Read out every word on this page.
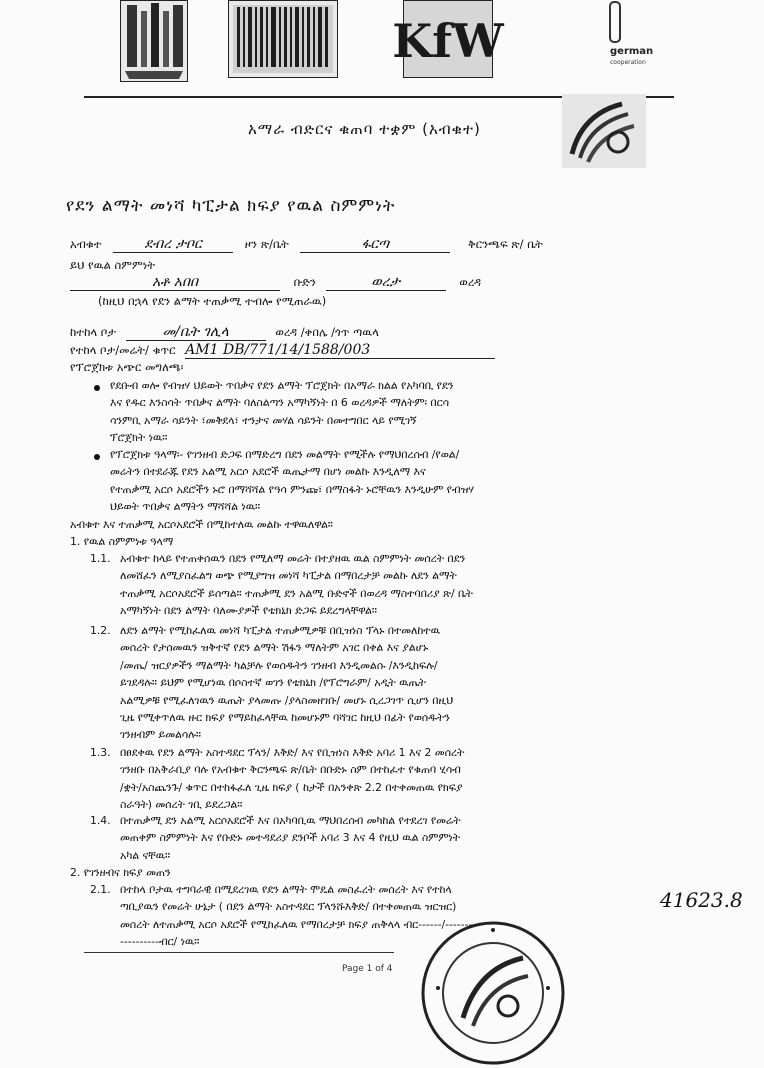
KfW	german
cooperation
አማራ ብድርና ቁጠባ ተቋም (አብቁተ)
የደን ልማት መነሻ ካፒታል ክፍያ የዉል ስምምነት
አብቁተ	ደብረ ታቦር	ዞን ጽ/ቤት	ፋርጣ	ቅርንጫፍ ጽ/ ቤት
ይህ የዉል ስምምነት
አቶ አበበ	ቡድን	ወረታ	ወረዳ
(ከዚህ በኋላ የደን ልማት ተጠቃሚ ተብሎ የሚጠራዉ)
ከተከላ ቦታ	መ/ቤት ገሊላ	ወረዳ /ቀበሌ /ጎጥ ጣዉላ
የተከላ ቦታ/መሬት/ ቁጥር AM1 DB/771/14/1588/003
የፕሮጀክቱ አጭር መግለጫ፡
የደቡብ ወሎ የብዝሃ ህይወት ጥበቃና የደን ልማት ፕሮጀክት በአማራ ክልል የአካባቢ የደን
እና የዱር እንስሳት ጥበቃና ልማት ባለስልጣን አማካኝነት በ 6 ወረዳዎች ማለትም፡ በርሳ
ሳንምቢ አማራ ሳይንት ፣መቅደላ፣ ተንታና መሃል ሳይንት በመተግበር ላይ የሚገኝ
ፕሮጀክት ነዉ።
የፕሮጀክቱ ዓላማ፡- የገንዘብ ድጋፍ በማድረግ በደን መልማት የሚችሉ የማህበረሰብ /የወል/
መሬትን በተደራጁ የደን አልሚ አርሶ አደሮች ዉጤታማ በሆነ መልኩ እንዲለማ እና
የተጠቃሚ አርሶ አደሮችን ኑሮ በማሻሻል የዓሳ ምንጩ፣ በማስፋት ኑሮቸዉን እንዲሁም የብዝሃ
ህይወት ጥበቃና ልማትን ማሻሻል ነዉ።
አብቁተ እና ተጠቃሚ አርሶአደሮች በሚከተለዉ መልኩ ተዋዉለዋል።
1. የዉል ስምምነቱ ዓላማ
1.1. አብቁተ ከላይ የተጠቀሰዉን በደን የሚለማ መሬት በተያዘዉ ዉል ስምምነት መሰረት በደን
ለመሸፈን ለሚያስፈልግ ወጭ የሚያግዝ መነሻ ካፒታል በማበረታቻ መልኩ ለደን ልማት
ተጠቃሚ አርሶአደሮች ይሰጣል። ተጠቃሚ ደን አልሚ ቡድኖች በወረዳ ማስተባበሪያ ጽ/ ቤት
አማካኝነት በደን ልማት ባለሙያዎች የቴክኒክ ድጋፍ ይደረግላቸዋል።
1.2. ለደን ልማት የሚከፈለዉ መነሻ ካፒታል ተጠቃሚዎቹ በቢዝነስ ፕላኑ በተመለከተዉ
መሰረት የታሰመዉን ዝቅተኛ የደን ልማት ሽፋን ማለትም አገር በቀል እና ያልሆኑ
/መጤ/ ዝርያዎችን ማልማት ካልቻሉ የወሰዱትን ገንዘብ እንዲመልሱ /እንዲከፍሉ/
ይገደዳሉ። ይህም የሚሆነዉ በሶስተኛ ወገን የቴክኒክ /የፕሮግራም/ አዲት ዉጤት
አልሚዎቹ የሚፈለገዉን ዉጤት ያላመጡ /ያላስመዘገቡ/ መሆኑ ሲረጋገጥ ሲሆን በዚህ
ጊዜ የሚቀጥለዉ ዙር ክፍያ የማይከፈላቸዉ ከመሆኑም ባሻገር ከዚህ በፊት የወሰዱትን
ገንዘብም ይመልሳሉ።
1.3. በፀደቀዉ የደን ልማት አስተዳደር ፕላን/ እቅድ/ እና የቢዝነስ እቅድ አባሪ 1 እና 2 መሰረት
ገንዘቡ በአቅራቢያ ባሉ የአብቁተ ቅርንጫፍ ጽ/ቤት በቡድኑ ስም በተከፈተ የቁጠባ ሂሳብ
/ቋት/አስጨንጉ/ ቁጥር በተከፋፈለ ጊዜ ክፍያ ( ከታች በአንቀጽ 2.2 በተቀመጠዉ የክፍያ
ስራዓት) መሰረት ገቢ ይደረጋል።
1.4. በተጠቃሚ ደን አልሚ አርሶአደሮች እና በአካባቢዉ ማህበረሰብ መካከል የተደረገ የመሬት
መጠቀም ስምምነት እና የቡድኑ መተዳደሪያ ደንቦች አባሪ 3 እና 4 የዚህ ዉል ስምምነት
አካል ናቸዉ።
2. የገንዘብና ክፍያ መጠን
2.1. በተከላ ቦታዉ ተግባራዊ በሚደረገዉ የደን ልማት ሞዴል መስፈረት መሰረት እና የተከላ
ጣቢያዉን የመሬት ሁኔታ ( በደን ልማት አስተዳደር ፕላንሹእቅድ/ በተቀመጠዉ ዝርዝር)
መሰረት ለተጠቃሚ አርሶ አደሮች የሚከፈለዉ የማበረታቻ ክፍያ ጠቅላላ ብር------/--------
----------ብር/ ነዉ።
41623.8
Page 1 of 4
